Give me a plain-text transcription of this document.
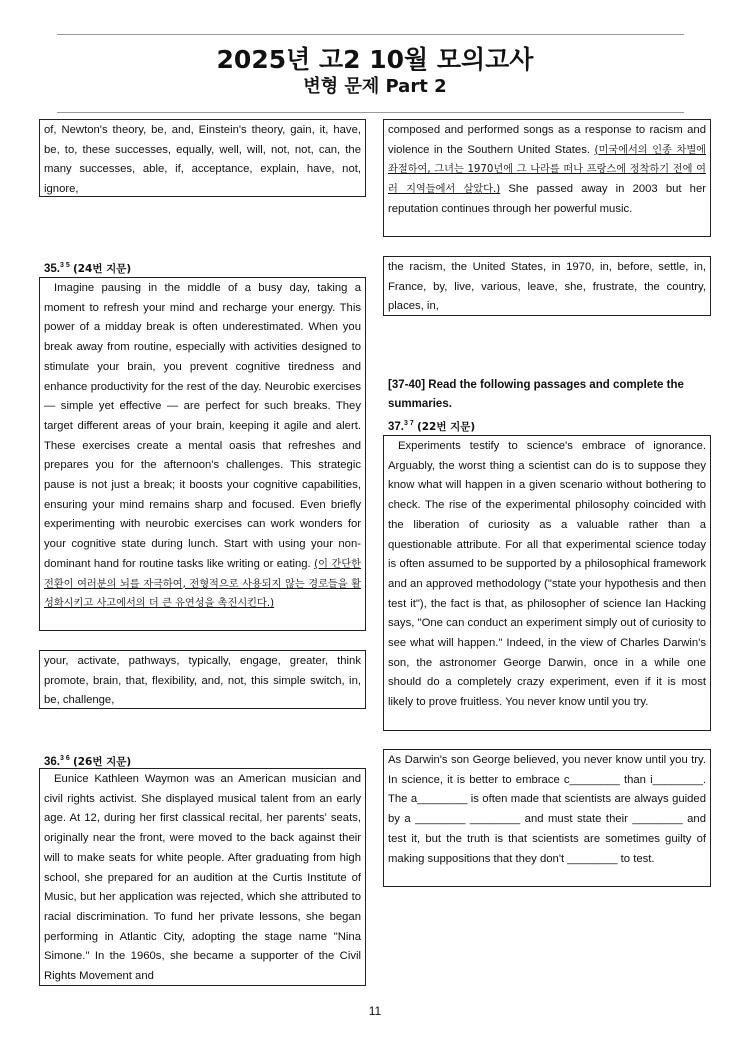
2025년 고2 10월 모의고사
변형 문제 Part 2

of, Newton's theory, be, and, Einstein's theory, gain, it, have, be, to, these successes, equally, well, will, not, not, can, the many successes, able, if, acceptance, explain, have, not, ignore,

35.$^{3 5}$ (24번 지문)

Imagine pausing in the middle of a busy day, taking a moment to refresh your mind and recharge your energy. This power of a midday break is often underestimated. When you break away from routine, especially with activities designed to stimulate your brain, you prevent cognitive tiredness and enhance productivity for the rest of the day. Neurobic exercises — simple yet effective — are perfect for such breaks. They target different areas of your brain, keeping it agile and alert. These exercises create a mental oasis that refreshes and prepares you for the afternoon's challenges. This strategic pause is not just a break; it boosts your cognitive capabilities, ensuring your mind remains sharp and focused. Even briefly experimenting with neurobic exercises can work wonders for your cognitive state during lunch. Start with using your non-dominant hand for routine tasks like writing or eating. (이 간단한 전환이 여러분의 뇌를 자극하여, 전형적으로 사용되지 않는 경로들을 활성화시키고 사고에서의 더 큰 유연성을 촉진시킨다.)

your, activate, pathways, typically, engage, greater, think promote, brain, that, flexibility, and, not, this simple switch, in, be, challenge,

36.$^{3 6}$ (26번 지문)

Eunice Kathleen Waymon was an American musician and civil rights activist. She displayed musical talent from an early age. At 12, during her first classical recital, her parents' seats, originally near the front, were moved to the back against their will to make seats for white people. After graduating from high school, she prepared for an audition at the Curtis Institute of Music, but her application was rejected, which she attributed to racial discrimination. To fund her private lessons, she began performing in Atlantic City, adopting the stage name "Nina Simone." In the 1960s, she became a supporter of the Civil Rights Movement and

composed and performed songs as a response to racism and violence in the Southern United States. (미국에서의 인종 차별에 좌절하여, 그녀는 1970년에 그 나라를 떠나 프랑스에 정착하기 전에 여러 지역들에서 살았다.) She passed away in 2003 but her reputation continues through her powerful music.

the racism, the United States, in 1970, in, before, settle, in, France, by, live, various, leave, she, frustrate, the country, places, in,

[37-40] Read the following passages and complete the summaries.
37.$^{3 7}$ (22번 지문)

Experiments testify to science's embrace of ignorance. Arguably, the worst thing a scientist can do is to suppose they know what will happen in a given scenario without bothering to check. The rise of the experimental philosophy coincided with the liberation of curiosity as a valuable rather than a questionable attribute. For all that experimental science today is often assumed to be supported by a philosophical framework and an approved methodology ("state your hypothesis and then test it"), the fact is that, as philosopher of science Ian Hacking says, "One can conduct an experiment simply out of curiosity to see what will happen." Indeed, in the view of Charles Darwin's son, the astronomer George Darwin, once in a while one should do a completely crazy experiment, even if it is most likely to prove fruitless. You never know until you try.

As Darwin's son George believed, you never know until you try. In science, it is better to embrace c________ than i________. The a________ is often made that scientists are always guided by a ________ ________ and must state their ________ and test it, but the truth is that scientists are sometimes guilty of making suppositions that they don't ________ to test.

11
